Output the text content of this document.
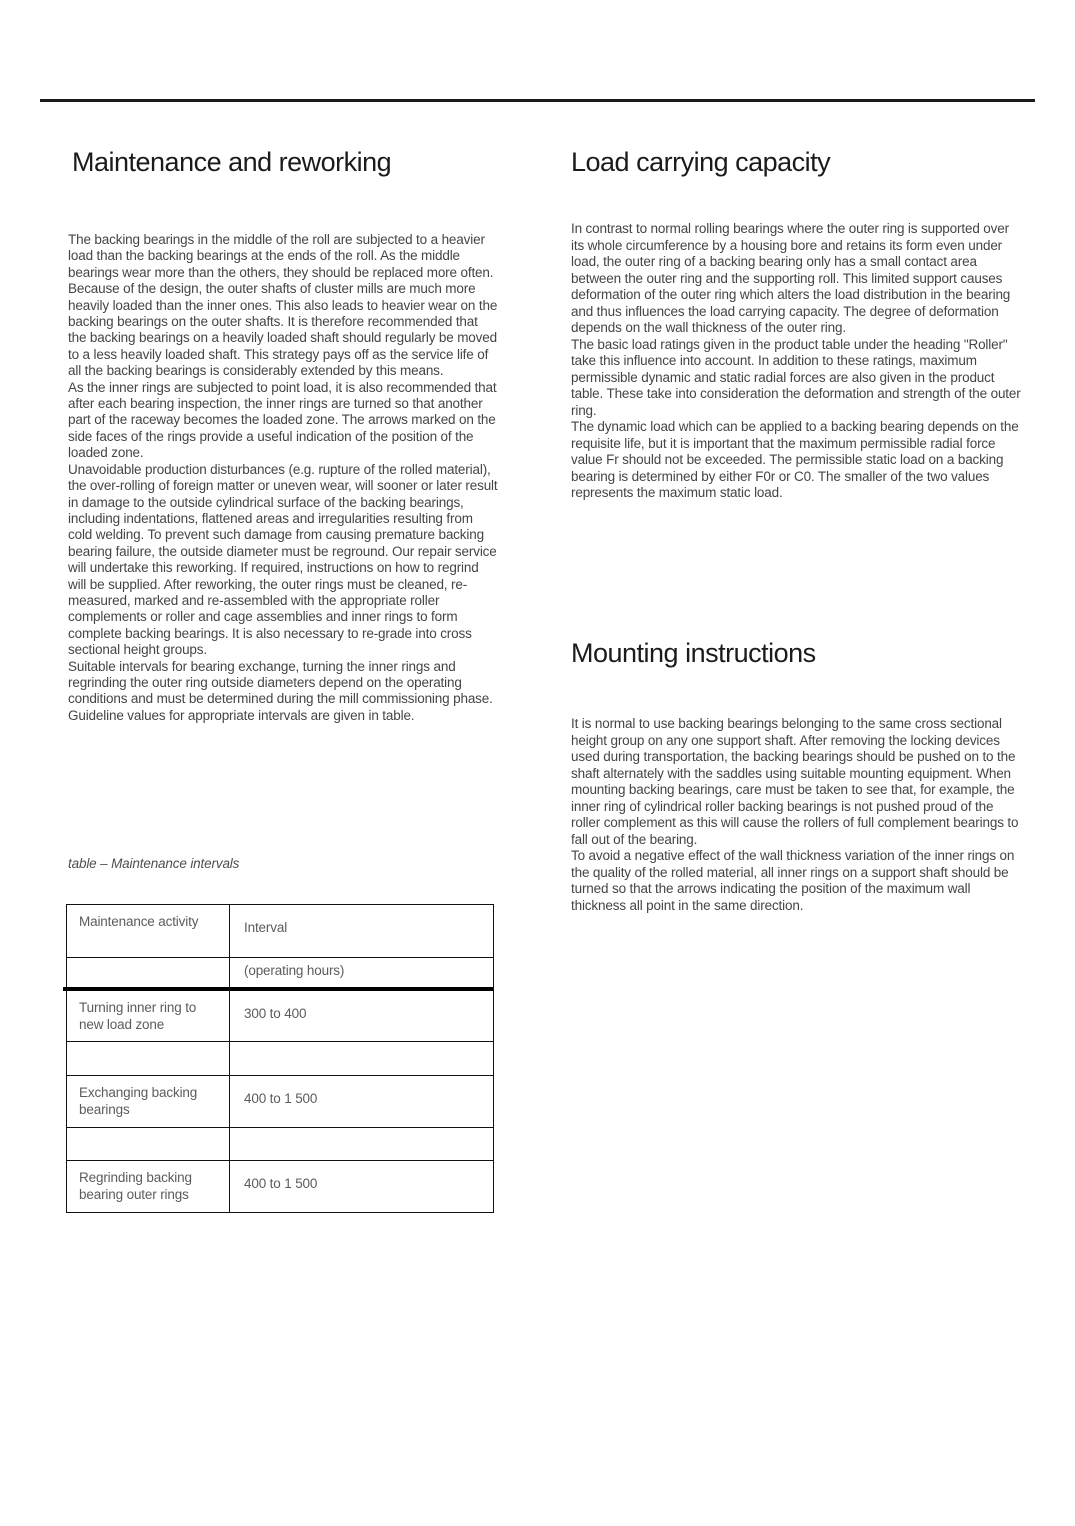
Maintenance and reworking

The backing bearings in the middle of the roll are subjected to a heavier load than the backing bearings at the ends of the roll. As the middle bearings wear more than the others, they should be replaced more often.

Because of the design, the outer shafts of cluster mills are much more heavily loaded than the inner ones. This also leads to heavier wear on the backing bearings on the outer shafts. It is therefore recommended that the backing bearings on a heavily loaded shaft should regularly be moved to a less heavily loaded shaft. This strategy pays off as the service life of all the backing bearings is considerably extended by this means.

As the inner rings are subjected to point load, it is also recommended that after each bearing inspection, the inner rings are turned so that another part of the raceway becomes the loaded zone. The arrows marked on the side faces of the rings provide a useful indication of the position of the loaded zone.

Unavoidable production disturbances (e.g. rupture of the rolled material), the over-rolling of foreign matter or uneven wear, will sooner or later result in damage to the outside cylindrical surface of the backing bearings, including indentations, flattened areas and irregularities resulting from cold welding. To prevent such damage from causing premature backing bearing failure, the outside diameter must be reground. Our repair service will undertake this reworking. If required, instructions on how to regrind will be supplied. After reworking, the outer rings must be cleaned, re-measured, marked and re-assembled with the appropriate roller complements or roller and cage assemblies and inner rings to form complete backing bearings. It is also necessary to re-grade into cross sectional height groups.

Suitable intervals for bearing exchange, turning the inner rings and regrinding the outer ring outside diameters depend on the operating conditions and must be determined during the mill commissioning phase. Guideline values for appropriate intervals are given in table.

table – Maintenance intervals
Maintenance activity	Interval
(operating hours)
Turning inner ring to new load zone
300 to 400
Exchanging backing bearings
400 to 1 500
Regrinding backing bearing outer rings
400 to 1 500
Load carrying capacity

In contrast to normal rolling bearings where the outer ring is supported over its whole circumference by a housing bore and retains its form even under load, the outer ring of a backing bearing only has a small contact area between the outer ring and the supporting roll. This limited support causes deformation of the outer ring which alters the load distribution in the bearing and thus influences the load carrying capacity. The degree of deformation depends on the wall thickness of the outer ring.

The basic load ratings given in the product table under the heading "Roller" take this influence into account. In addition to these ratings, maximum permissible dynamic and static radial forces are also given in the product table. These take into consideration the deformation and strength of the outer ring.

The dynamic load which can be applied to a backing bearing depends on the requisite life, but it is important that the maximum permissible radial force value Fr should not be exceeded. The permissible static load on a backing bearing is determined by either F0r or C0. The smaller of the two values represents the maximum static load.

Mounting instructions

It is normal to use backing bearings belonging to the same cross sectional height group on any one support shaft. After removing the locking devices used during transportation, the backing bearings should be pushed on to the shaft alternately with the saddles using suitable mounting equipment. When mounting backing bearings, care must be taken to see that, for example, the inner ring of cylindrical roller backing bearings is not pushed proud of the roller complement as this will cause the rollers of full complement bearings to fall out of the bearing.

To avoid a negative effect of the wall thickness variation of the inner rings on the quality of the rolled material, all inner rings on a support shaft should be turned so that the arrows indicating the position of the maximum wall thickness all point in the same direction.
